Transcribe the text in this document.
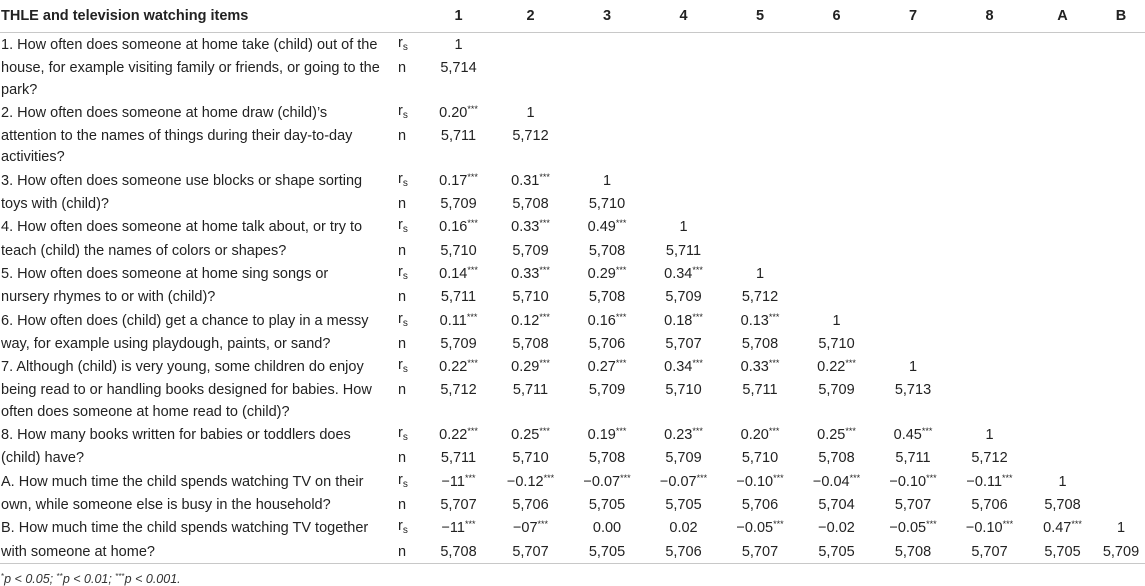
THLE and television watching items		1	2	3	4	5	6	7	8	A	B
1. How often does someone at home take (child) out of the	$r_s$	1									
house, for example visiting family or friends, or going to the	n	5,714									
park?											
2. How often does someone at home draw (child)’s	$r_s$	0.20***	1								
attention to the names of things during their day-to-day	n	5,711	5,712								
activities?											
3. How often does someone use blocks or shape sorting	$r_s$	0.17***	0.31***	1							
toys with (child)?	n	5,709	5,708	5,710							
4. How often does someone at home talk about, or try to	$r_s$	0.16***	0.33***	0.49***	1						
teach (child) the names of colors or shapes?	n	5,710	5,709	5,708	5,711						
5. How often does someone at home sing songs or	$r_s$	0.14***	0.33***	0.29***	0.34***	1					
nursery rhymes to or with (child)?	n	5,711	5,710	5,708	5,709	5,712					
6. How often does (child) get a chance to play in a messy	$r_s$	0.11***	0.12***	0.16***	0.18***	0.13***	1				
way, for example using playdough, paints, or sand?	n	5,709	5,708	5,706	5,707	5,708	5,710				
7. Although (child) is very young, some children do enjoy	$r_s$	0.22***	0.29***	0.27***	0.34***	0.33***	0.22***	1			
being read to or handling books designed for babies. How	n	5,712	5,711	5,709	5,710	5,711	5,709	5,713			
often does someone at home read to (child)?											
8. How many books written for babies or toddlers does	$r_s$	0.22***	0.25***	0.19***	0.23***	0.20***	0.25***	0.45***	1		
(child) have?	n	5,711	5,710	5,708	5,709	5,710	5,708	5,711	5,712		
A. How much time the child spends watching TV on their	$r_s$	−11***	−0.12***	−0.07***	−0.07***	−0.10***	−0.04***	−0.10***	−0.11***	1	
own, while someone else is busy in the household?	n	5,707	5,706	5,705	5,705	5,706	5,704	5,707	5,706	5,708	
B. How much time the child spends watching TV together	$r_s$	−11***	−07***	0.00	0.02	−0.05***	−0.02	−0.05***	−0.10***	0.47***	1
with someone at home?	n	5,708	5,707	5,705	5,706	5,707	5,705	5,708	5,707	5,705	5,709
*p < 0.05; **p < 0.01; ***p < 0.001.
